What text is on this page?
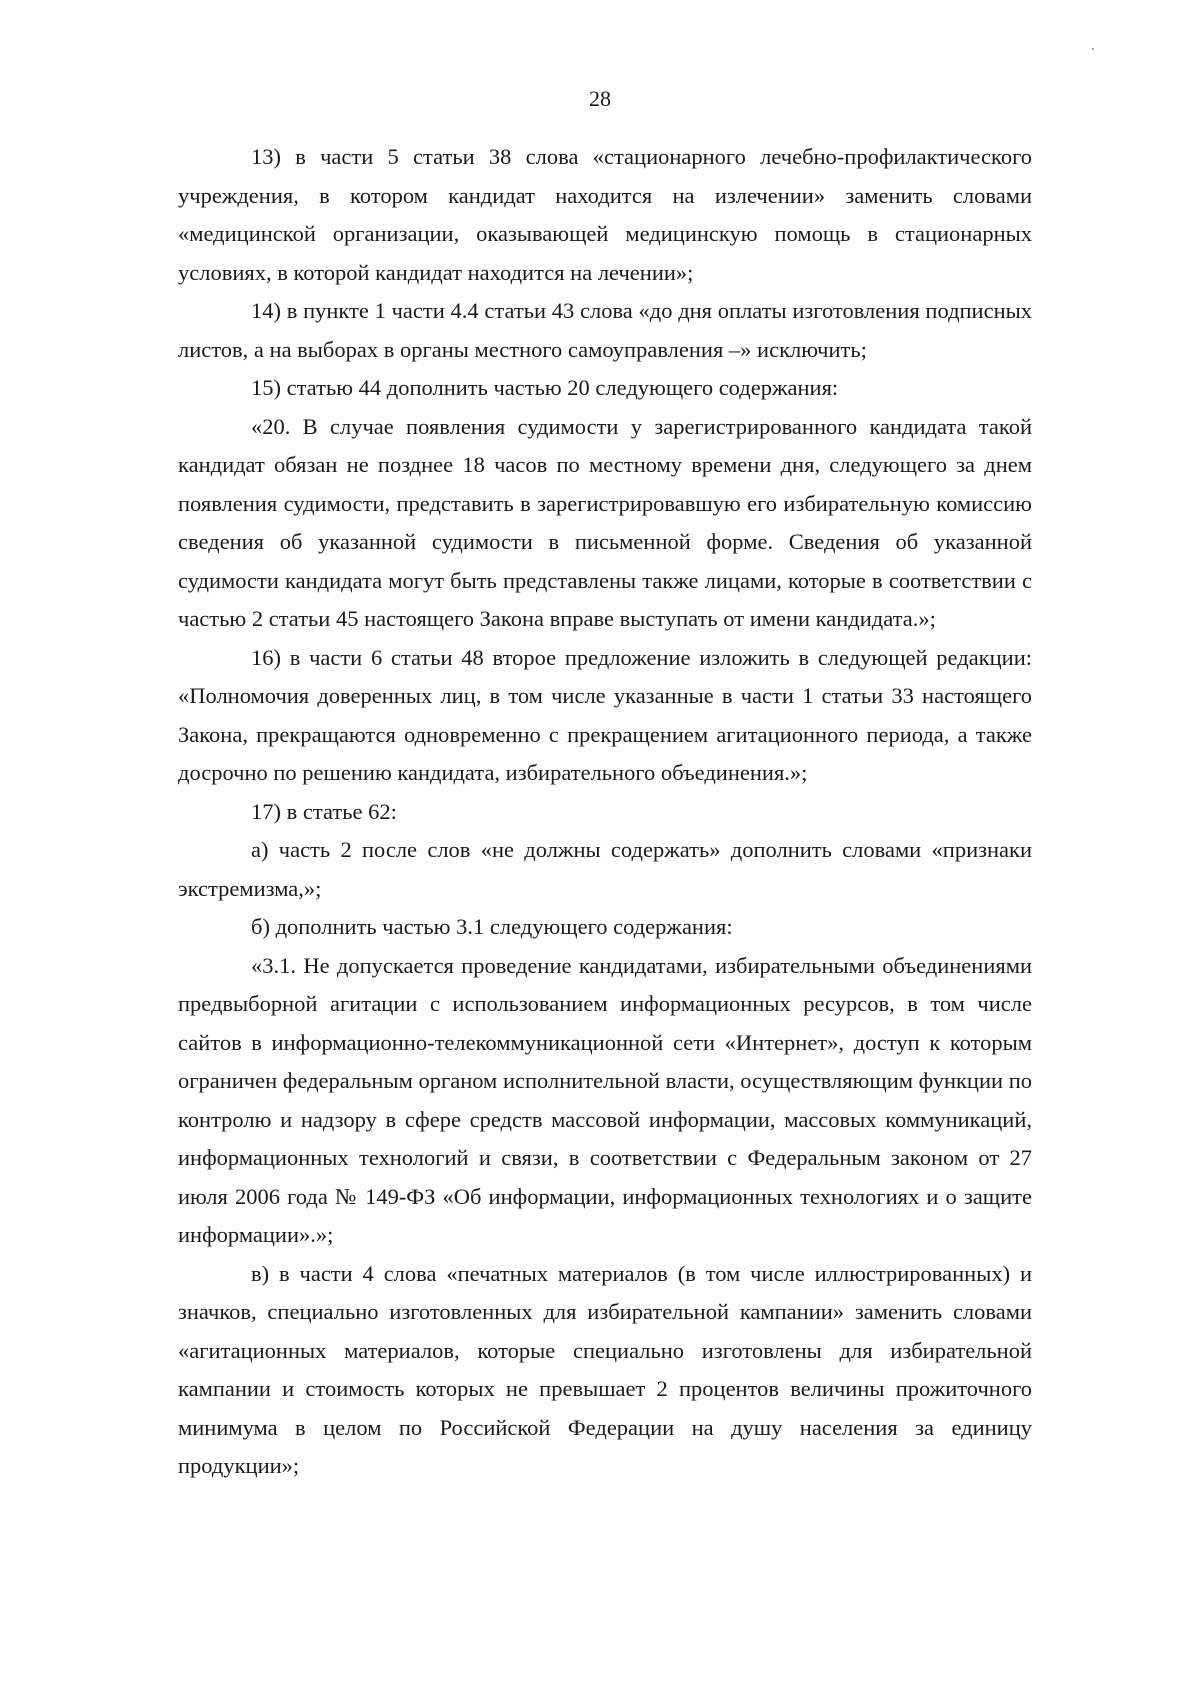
28

13) в части 5 статьи 38 слова «стационарного лечебно-профилактического учреждения, в котором кандидат находится на излечении» заменить словами «медицинской организации, оказывающей медицинскую помощь в стационарных условиях, в которой кандидат находится на лечении»;

14) в пункте 1 части 4.4 статьи 43 слова «до дня оплаты изготовления подписных листов, а на выборах в органы местного самоуправления –» исключить;

15) статью 44 дополнить частью 20 следующего содержания:

«20. В случае появления судимости у зарегистрированного кандидата такой кандидат обязан не позднее 18 часов по местному времени дня, следующего за днем появления судимости, представить в зарегистрировавшую его избирательную комиссию сведения об указанной судимости в письменной форме. Сведения об указанной судимости кандидата могут быть представлены также лицами, которые в соответствии с частью 2 статьи 45 настоящего Закона вправе выступать от имени кандидата.»;

16) в части 6 статьи 48 второе предложение изложить в следующей редакции: «Полномочия доверенных лиц, в том числе указанные в части 1 статьи 33 настоящего Закона, прекращаются одновременно с прекращением агитационного периода, а также досрочно по решению кандидата, избирательного объединения.»;

17) в статье 62:

а) часть 2 после слов «не должны содержать» дополнить словами «признаки экстремизма,»;

б) дополнить частью 3.1 следующего содержания:

«3.1. Не допускается проведение кандидатами, избирательными объединениями предвыборной агитации с использованием информационных ресурсов, в том числе сайтов в информационно-телекоммуникационной сети «Интернет», доступ к которым ограничен федеральным органом исполнительной власти, осуществляющим функции по контролю и надзору в сфере средств массовой информации, массовых коммуникаций, информационных технологий и связи, в соответствии с Федеральным законом от 27 июля 2006 года № 149-ФЗ «Об информации, информационных технологиях и о защите информации».»;

в) в части 4 слова «печатных материалов (в том числе иллюстрированных) и значков, специально изготовленных для избирательной кампании» заменить словами «агитационных материалов, которые специально изготовлены для избирательной кампании и стоимость которых не превышает 2 процентов величины прожиточного минимума в целом по Российской Федерации на душу населения за единицу продукции»;
